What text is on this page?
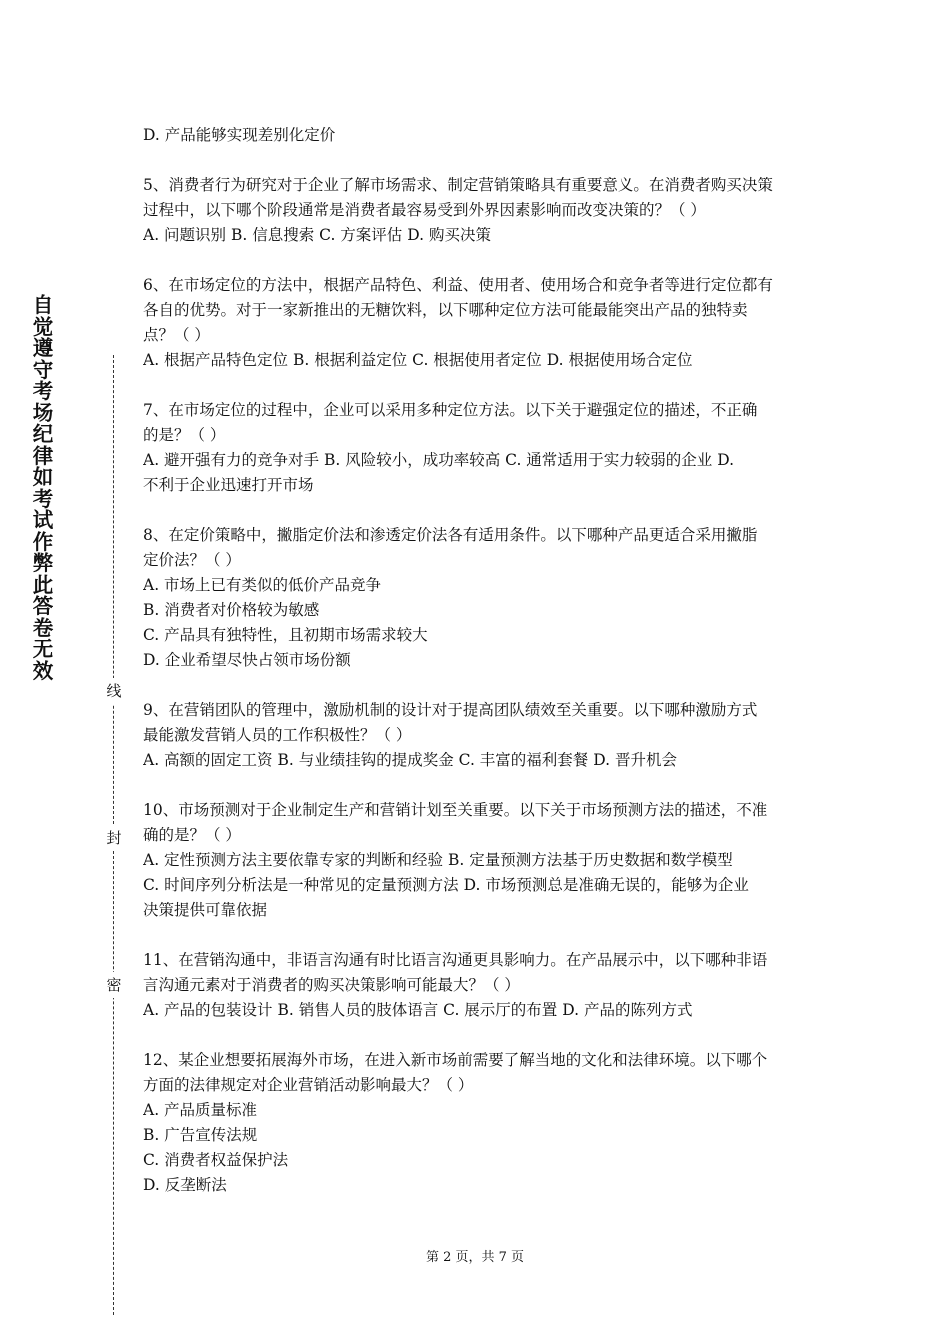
自觉遵守考场纪律如考试作弊此答卷无效
线
封
密
D. 产品能够实现差别化定价
5、消费者行为研究对于企业了解市场需求、制定营销策略具有重要意义。在消费者购买决策
过程中，以下哪个阶段通常是消费者最容易受到外界因素影响而改变决策的？（ ）
A. 问题识别 B. 信息搜索 C. 方案评估 D. 购买决策
6、在市场定位的方法中，根据产品特色、利益、使用者、使用场合和竞争者等进行定位都有
各自的优势。对于一家新推出的无糖饮料，以下哪种定位方法可能最能突出产品的独特卖
点？（ ）
A. 根据产品特色定位 B. 根据利益定位 C. 根据使用者定位 D. 根据使用场合定位
7、在市场定位的过程中，企业可以采用多种定位方法。以下关于避强定位的描述，不正确
的是？（ ）
A. 避开强有力的竞争对手 B. 风险较小，成功率较高 C. 通常适用于实力较弱的企业 D.
不利于企业迅速打开市场
8、在定价策略中，撇脂定价法和渗透定价法各有适用条件。以下哪种产品更适合采用撇脂
定价法？（ ）
A. 市场上已有类似的低价产品竞争
B. 消费者对价格较为敏感
C. 产品具有独特性，且初期市场需求较大
D. 企业希望尽快占领市场份额
9、在营销团队的管理中，激励机制的设计对于提高团队绩效至关重要。以下哪种激励方式
最能激发营销人员的工作积极性？（ ）
A. 高额的固定工资 B. 与业绩挂钩的提成奖金 C. 丰富的福利套餐 D. 晋升机会
10、市场预测对于企业制定生产和营销计划至关重要。以下关于市场预测方法的描述，不准
确的是？（ ）
A. 定性预测方法主要依靠专家的判断和经验 B. 定量预测方法基于历史数据和数学模型
C. 时间序列分析法是一种常见的定量预测方法 D. 市场预测总是准确无误的，能够为企业
决策提供可靠依据
11、在营销沟通中，非语言沟通有时比语言沟通更具影响力。在产品展示中，以下哪种非语
言沟通元素对于消费者的购买决策影响可能最大？（ ）
A. 产品的包装设计 B. 销售人员的肢体语言 C. 展示厅的布置 D. 产品的陈列方式
12、某企业想要拓展海外市场，在进入新市场前需要了解当地的文化和法律环境。以下哪个
方面的法律规定对企业营销活动影响最大？（ ）
A. 产品质量标准
B. 广告宣传法规
C. 消费者权益保护法
D. 反垄断法
第 2 页，共 7 页
